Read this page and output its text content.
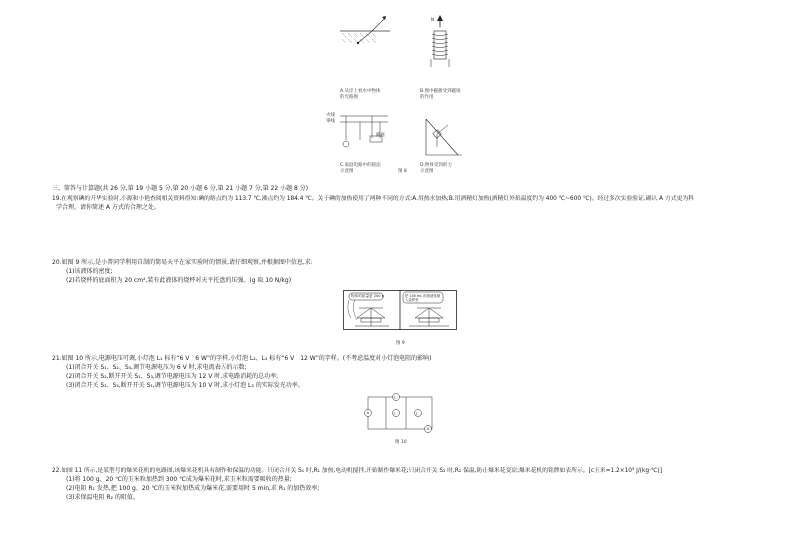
A.从岸上看水中物体
的光路图
N
B.图中磁极受到磁场
的作用
火线
零线
插座
C.家庭电路中的接法
示意图
D.物体受到的力
示意图
图 8
三、简答与计算题(共 26 分,第 19 小题 5 分,第 20 小题 6 分,第 21 小题 7 分,第 22 小题 8 分)
19.在观察碘的升华实验时,小源和小艳查阅相关资料得知:碘的熔点约为 113.7 ℃,沸点约为 184.4 ℃。关于碘的加热使用了两种不同的方式:A.用热水加热;B.用酒精灯加热(酒精灯外焰温度约为 400 ℃~600 ℃)。经过多次实验验证,确认 A 方式更为科
学合理。请你简述 A 方式的合理之处。
20.如图 9 所示,是小普同学利用自制的简易天平在家实验时的情景,请仔细观察,并根据图中信息,求:
(1)该液体的密度;
(2)若烧杯的底面积为 20 cm²,装有此液体的烧杯对天平托盘的压强。(g 取 10 N/kg)
物体的质量是 200 g	把 100 mL 的该液体倒入烧杯里
图 9
21.如图 10 所示,电源电压可调,小灯泡 L₁ 标有“6 V　6 W”的字样,小灯泡 L₂、L₃ 标有“6 V　12 W”的字样。(不考虑温度对小灯泡电阻的影响)
(1)闭合开关 S₁、S₂、S₃,调节电源电压为 6 V 时,求电流表Ⓐ的示数;
(2)闭合开关 S₂,断开开关 S₁、S₃,调节电源电压为 12 V 时,求电路消耗的总功率;
(3)闭合开关 S₂、S₃,断开开关 S₁,调节电源电压为 10 V 时,求小灯泡 L₃ 的实际发光功率。
A
L
L	L
A
图 10
22.如图 11 所示,是某型号的爆米花机的电路图,该爆米花机具有制作和保温的功能。只闭合开关 S₁ 时,R₁ 加热,电动机搅拌,开始制作爆米花;只闭合开关 S₂ 时,R₂ 保温,防止爆米花变凉;爆米花机的铭牌如表所示。[c玉米=1.2×10³ J/(kg·℃)]
(1)将 100 g、20 ℃的玉米粒加热到 300 ℃成为爆米花时,求玉米粒需要吸收的热量;
(2)电阻 R₁ 发热,把 100 g、20 ℃的玉米粒加热成为爆米花,需要用时 5 min,求 R₁ 的加热效率;
(3)求保温电阻 R₂ 的阻值。
